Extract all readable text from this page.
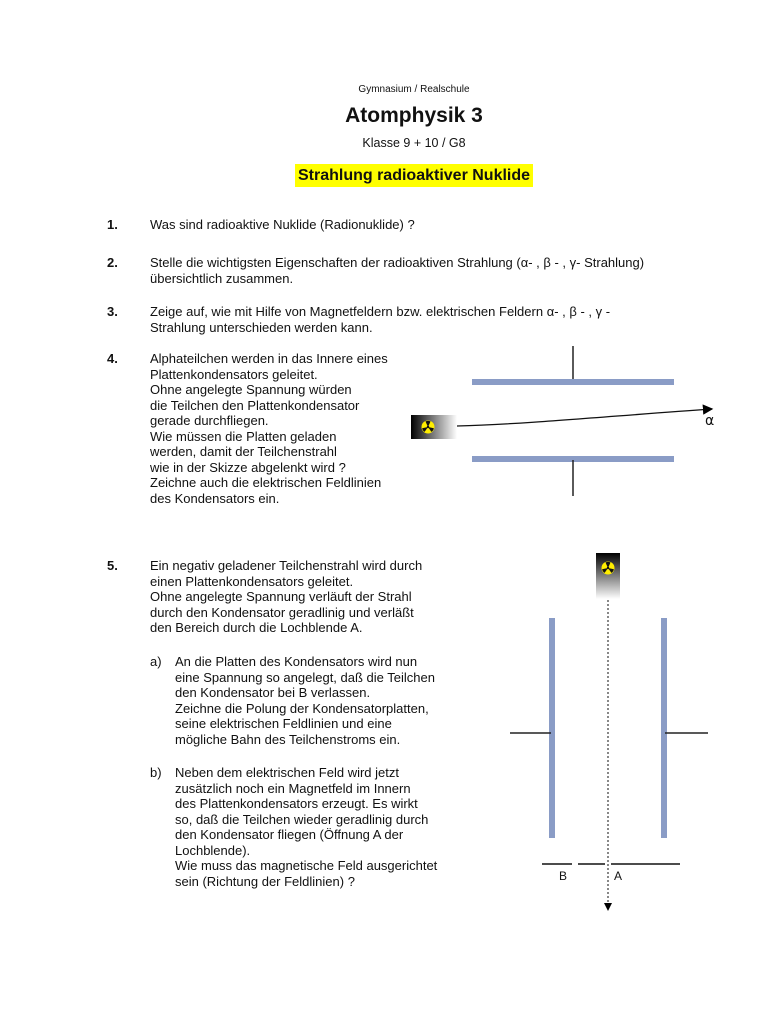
Gymnasium / Realschule
Atomphysik 3
Klasse 9 + 10 / G8
Strahlung radioaktiver Nuklide
1. Was sind radioaktive Nuklide (Radionuklide) ?
2. Stelle die wichtigsten Eigenschaften der radioaktiven Strahlung (α- , β - , γ- Strahlung)
übersichtlich zusammen.
3. Zeige auf, wie mit Hilfe von Magnetfeldern bzw. elektrischen Feldern α- , β - , γ -
Strahlung unterschieden werden kann.
4. Alphateilchen werden in das Innere eines
Plattenkondensators geleitet.
Ohne angelegte Spannung würden
die Teilchen den Plattenkondensator
gerade durchfliegen.
Wie müssen die Platten geladen
werden, damit der Teilchenstrahl
wie in der Skizze abgelenkt wird ?
Zeichne auch die elektrischen Feldlinien
des Kondensators ein.
5. Ein negativ geladener Teilchenstrahl wird durch
einen Plattenkondensators geleitet.
Ohne angelegte Spannung verläuft der Strahl
durch den Kondensator geradlinig und verläßt
den Bereich durch die Lochblende A.
a) An die Platten des Kondensators wird nun
eine Spannung so angelegt, daß die Teilchen
den Kondensator bei B verlassen.
Zeichne die Polung der Kondensatorplatten,
seine elektrischen Feldlinien und eine
mögliche Bahn des Teilchenstroms ein.
b) Neben dem elektrischen Feld wird jetzt
zusätzlich noch ein Magnetfeld im Innern
des Plattenkondensators erzeugt. Es wirkt
so, daß die Teilchen wieder geradlinig durch
den Kondensator fliegen (Öffnung A der
Lochblende).
Wie muss das magnetische Feld ausgerichtet
sein (Richtung der Feldlinien) ?
α
B	A
